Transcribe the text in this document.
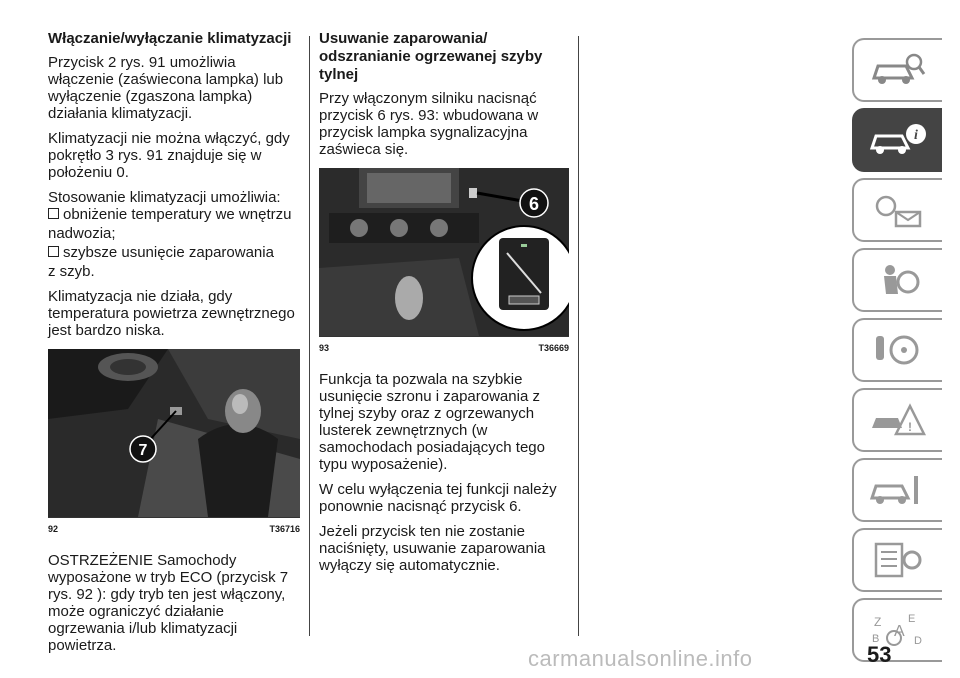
Włączanie/wyłączanie klimatyzacji

Przycisk 2 rys. 91 umożliwia włączenie (zaświecona lampka) lub wyłączenie (zgaszona lampka) działania klimatyzacji.

Klimatyzacji nie można włączyć, gdy pokrętło 3 rys. 91 znajduje się w położeniu 0.

Stosowanie klimatyzacji umożliwia:

obniżenie temperatury we wnętrzu
nadwozia;
szybsze usunięcie zaparowania
z szyb.

Klimatyzacja nie działa, gdy temperatura powietrza zewnętrznego jest bardzo niska.

7
92	T36716

OSTRZEŻENIE Samochody wyposażone w tryb ECO (przycisk 7 rys. 92 ): gdy tryb ten jest włączony, może ograniczyć działanie ogrzewania i/lub klimatyzacji powietrza.

Usuwanie zaparowania/ odszranianie ogrzewanej szyby tylnej

Przy włączonym silniku nacisnąć przycisk 6 rys. 93: wbudowana w przycisk lampka sygnalizacyjna zaświeca się.

6
93	T36669

Funkcja ta pozwala na szybkie usunięcie szronu i zaparowania z tylnej szyby oraz z ogrzewanych lusterek zewnętrznych (w samochodach posiadających tego typu wyposażenie).

W celu wyłączenia tej funkcji należy ponownie nacisnąć przycisk 6.

Jeżeli przycisk ten nie zostanie naciśnięty, usuwanie zaparowania wyłączy się automatycznie.

i
!
Z E
A
B	D
53
carmanualsonline.info
